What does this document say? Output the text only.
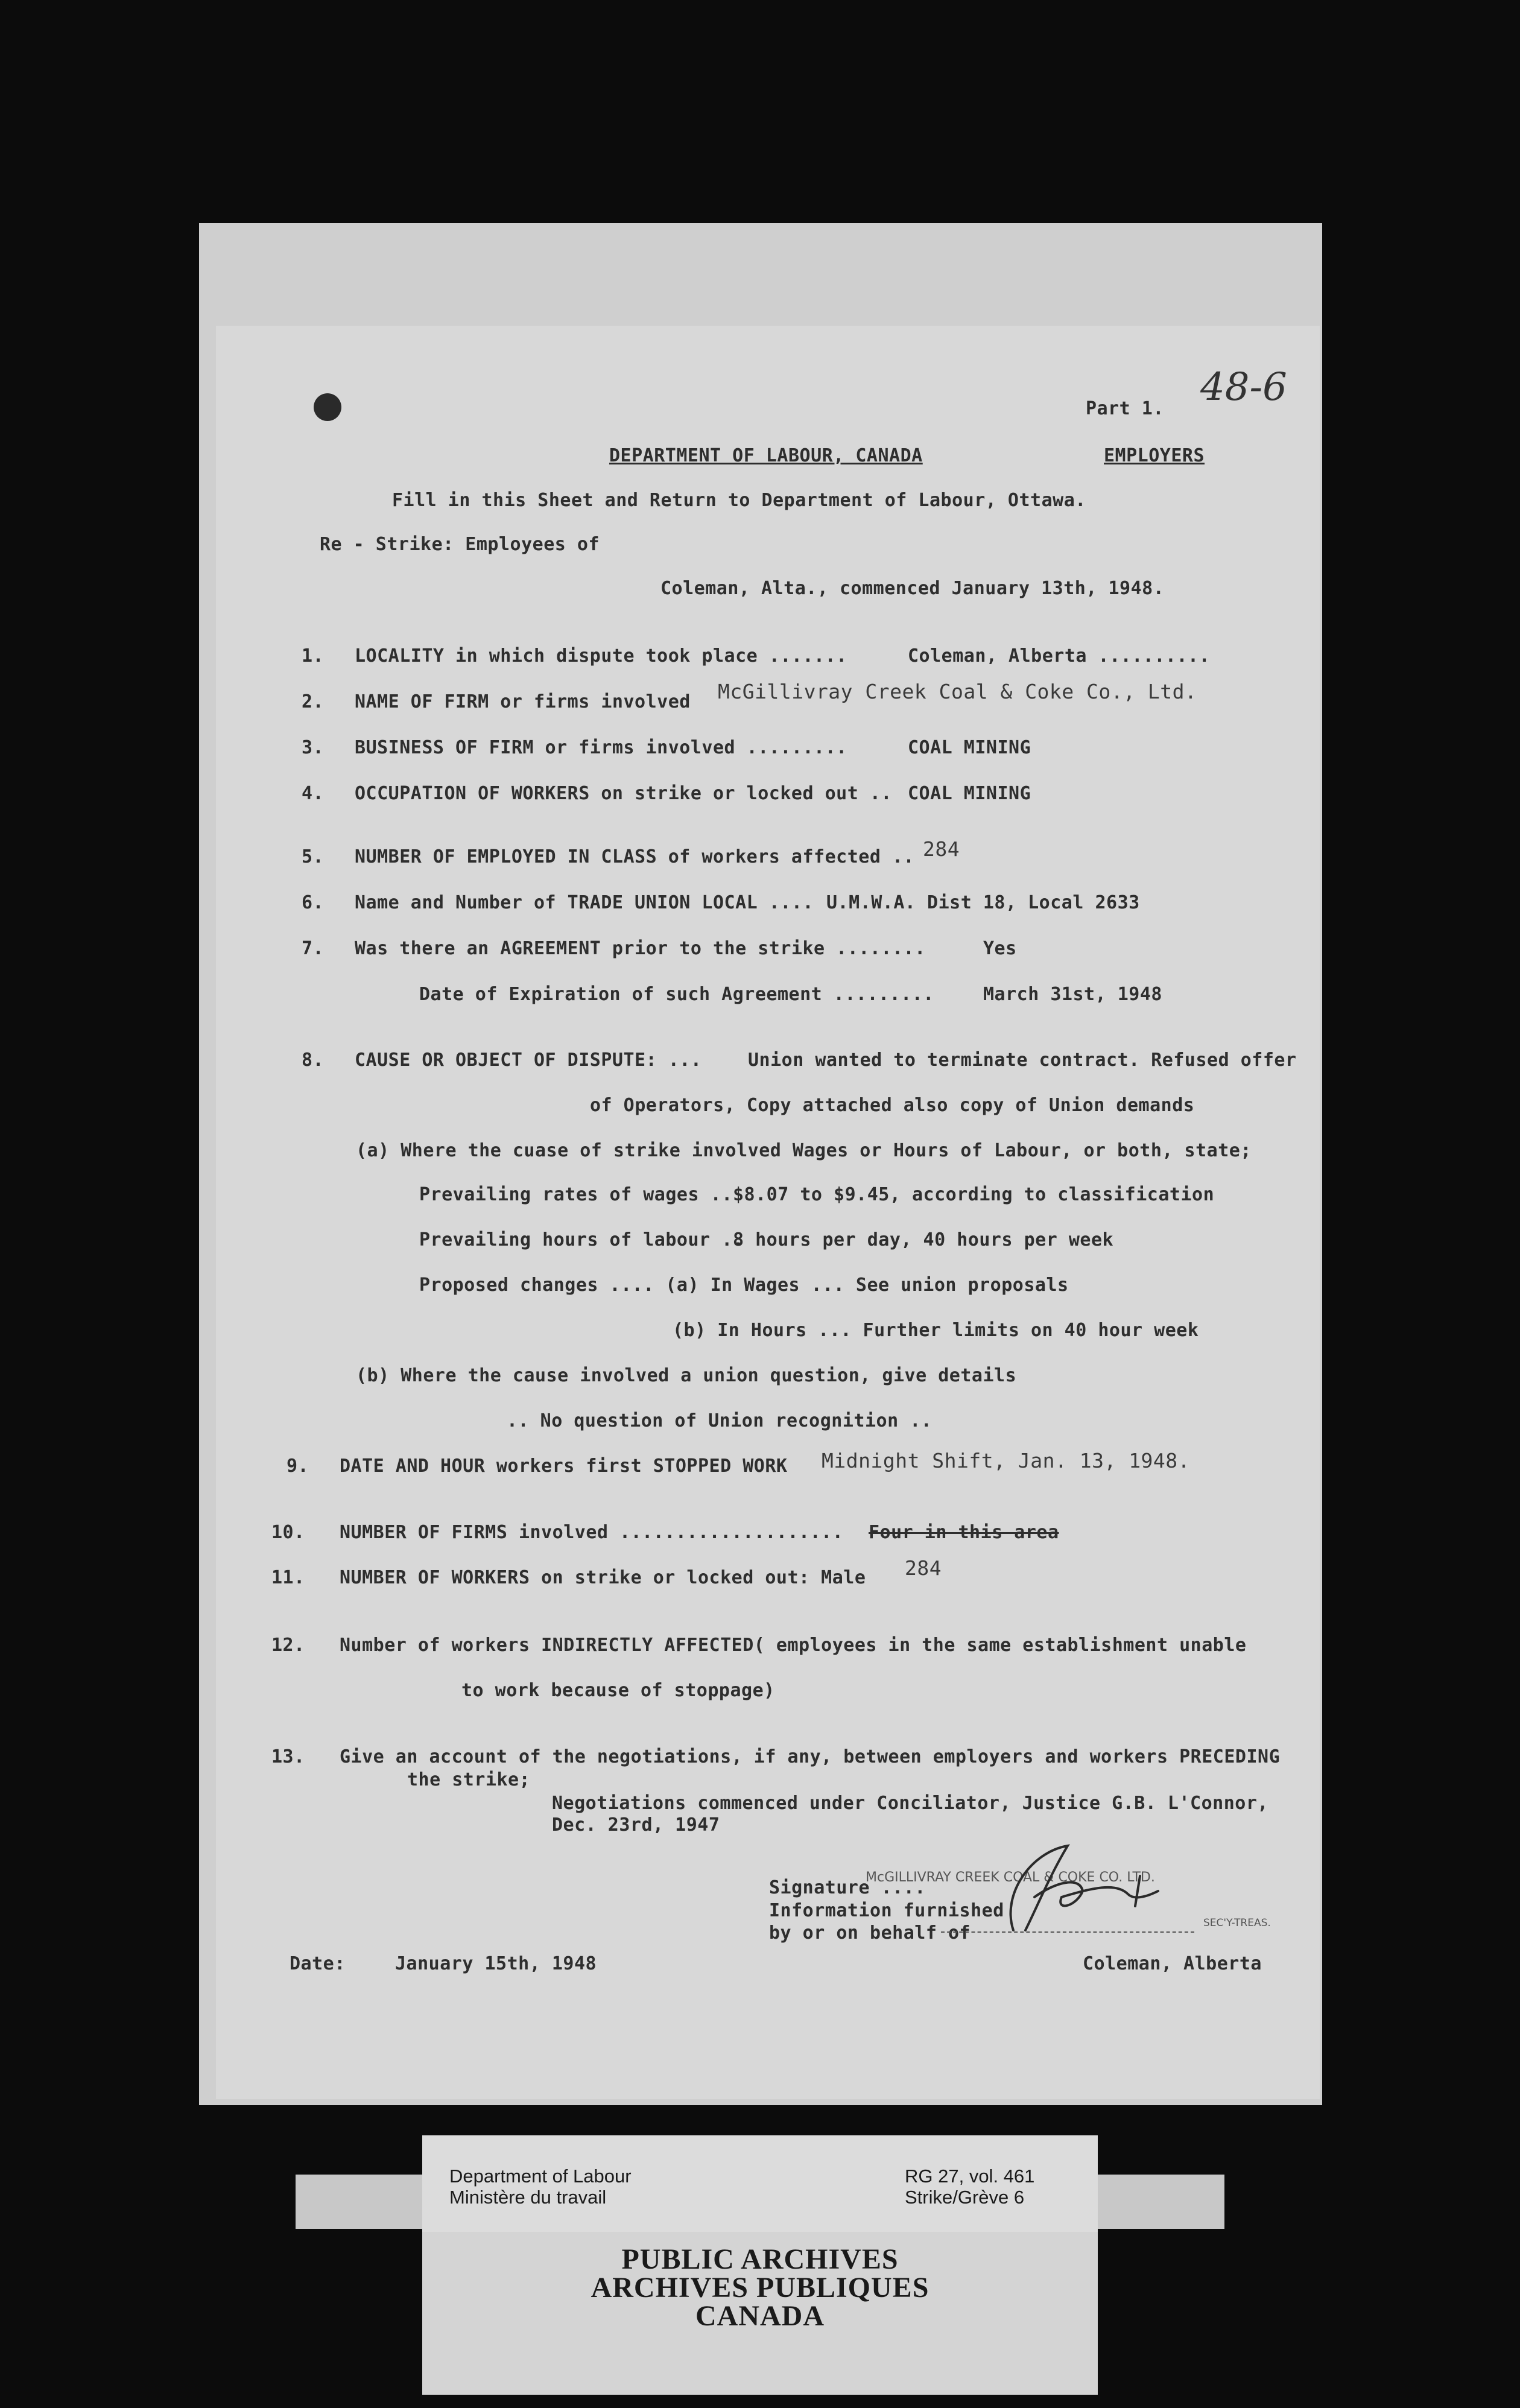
48-6
Part 1.
DEPARTMENT OF LABOUR, CANADA	EMPLOYERS
Fill in this Sheet and Return to Department of Labour, Ottawa.
Re - Strike: Employees of
Coleman, Alta., commenced January 13th, 1948.
1. LOCALITY in which dispute took place .......	Coleman, Alberta ..........
2. NAME OF FIRM or firms involved McGillivray Creek Coal & Coke Co., Ltd.
3. BUSINESS OF FIRM or firms involved .........	COAL MINING
4. OCCUPATION OF WORKERS on strike or locked out .. COAL MINING
5. NUMBER OF EMPLOYED IN CLASS of workers affected .. 284
6. Name and Number of TRADE UNION LOCAL .... U.M.W.A. Dist 18, Local 2633
7. Was there an AGREEMENT prior to the strike ........	Yes
Date of Expiration of such Agreement .........	March 31st, 1948
8. CAUSE OR OBJECT OF DISPUTE: ...	Union wanted to terminate contract. Refused offer
of Operators, Copy attached also copy of Union demands
(a) Where the cuase of strike involved Wages or Hours of Labour, or both, state;
Prevailing rates of wages .. $8.07 to $9.45, according to classification
Prevailing hours of labour ..
8 hours per day, 40 hours per week
Proposed changes .... (a) In Wages ... See union proposals
(b) In Hours ... Further limits on 40 hour week
(b) Where the cause involved a union question, give details
.. No question of Union recognition ..
9. DATE AND HOUR workers first STOPPED WORK Midnight Shift, Jan. 13, 1948.
10. NUMBER OF FIRMS involved .................... Four in this area
11. NUMBER OF WORKERS on strike or locked out: Male 284
12. Number of workers INDIRECTLY AFFECTED( employees in the same establishment unable
to work because of stoppage)
13. Give an account of the negotiations, if any, between employers and workers PRECEDING
the strike;
Negotiations commenced under Conciliator, Justice G.B. L'Connor,
Dec. 23rd, 1947
Signature ....
McGILLIVRAY CREEK COAL & COKE CO. LTD.
Information furnished
by or on behalf of	SEC'Y-TREAS.
C.Short.
Date:	January 15th, 1948	Coleman, Alberta
Department of Labour
Ministère du travail
RG 27, vol. 461
Strike/Grève 6
PUBLIC ARCHIVES
ARCHIVES PUBLIQUES
CANADA
